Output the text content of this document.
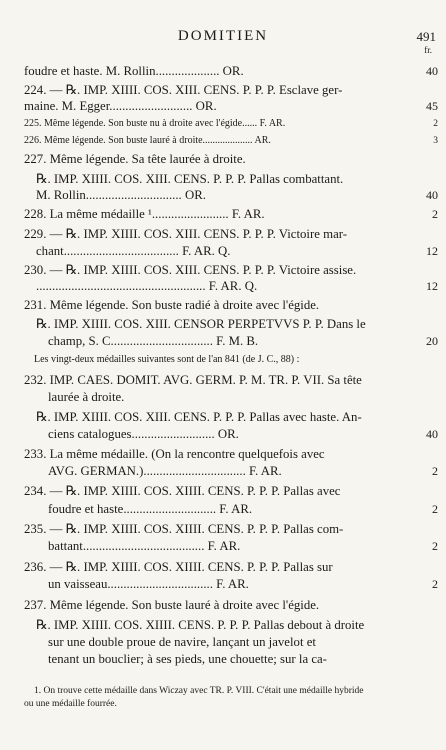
DOMITIEN	491
fr.
foudre et haste. M. Rollin.................... OR.	40
224. — ℞. IMP. XIIII. COS. XIII. CENS. P. P. P. Esclave ger-
maine. M. Egger.......................... OR.	45
225. Même légende. Son buste nu à droite avec l'égide...... F. AR.	2
226. Même légende. Son buste lauré à droite.................... AR.	3
227. Même légende. Sa tête laurée à droite.
℞. IMP. XIIII. COS. XIII. CENS. P. P. P. Pallas combattant.
M. Rollin.............................. OR.	40
228. La même médaille ¹........................ F. AR.	2
229. — ℞. IMP. XIIII. COS. XIII. CENS. P. P. P. Victoire mar-
chant.................................... F. AR. Q.	12
230. — ℞. IMP. XIIII. COS. XIII. CENS. P. P. P. Victoire assise.
..................................................... F. AR. Q.	12
231. Même légende. Son buste radié à droite avec l'égide.
℞. IMP. XIIII. COS. XIII. CENSOR PERPETVVS P. P. Dans le
champ, S. C................................ F. M. B.	20
Les vingt-deux médailles suivantes sont de l'an 841 (de J. C., 88) :
232. IMP. CAES. DOMIT. AVG. GERM. P. M. TR. P. VII. Sa tête
laurée à droite.
℞. IMP. XIIII. COS. XIII. CENS. P. P. P. Pallas avec haste. An-
ciens catalogues.......................... OR.	40
233. La même médaille. (On la rencontre quelquefois avec
AVG. GERMAN.)................................ F. AR.	2
234. — ℞. IMP. XIIII. COS. XIIII. CENS. P. P. P. Pallas avec
foudre et haste............................. F. AR.	2
235. — ℞. IMP. XIIII. COS. XIIII. CENS. P. P. P. Pallas com-
battant...................................... F. AR.	2
236. — ℞. IMP. XIIII. COS. XIIII. CENS. P. P. P. Pallas sur
un vaisseau................................. F. AR.	2
237. Même légende. Son buste lauré à droite avec l'égide.
℞. IMP. XIIII. COS. XIIII. CENS. P. P. P. Pallas debout à droite
sur une double proue de navire, lançant un javelot et
tenant un bouclier; à ses pieds, une chouette; sur la ca-
1. On trouve cette médaille dans Wiczay avec TR. P. VIII. C'était une médaille hybride
ou une médaille fourrée.
